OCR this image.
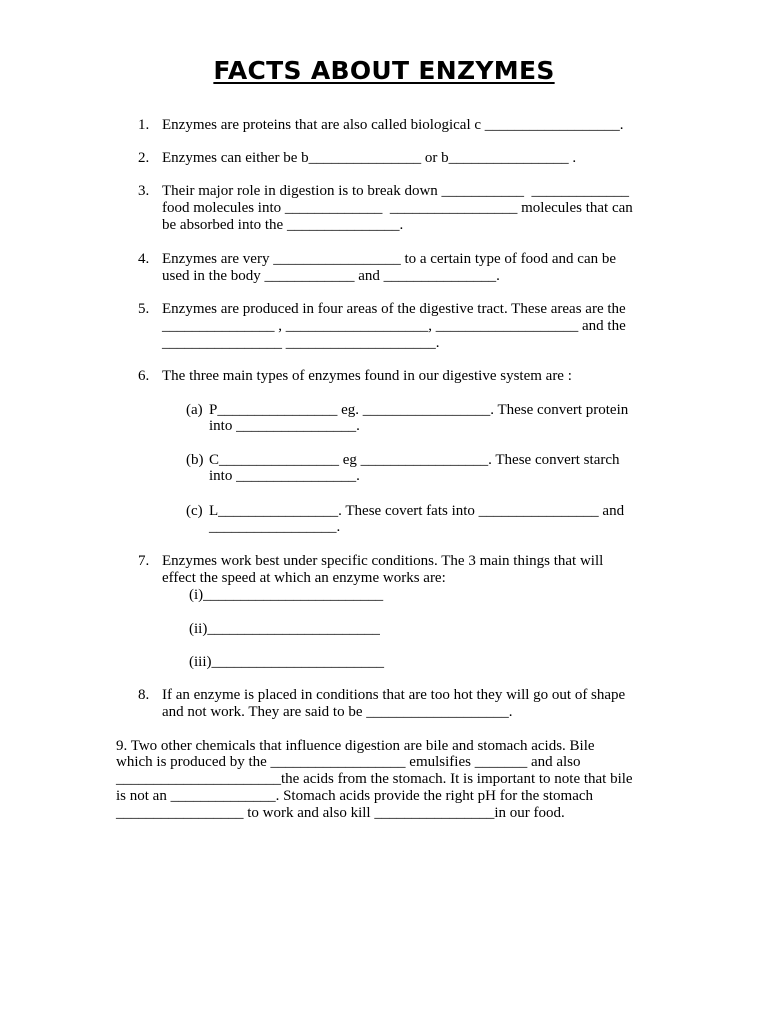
FACTS ABOUT ENZYMES
1. Enzymes are proteins that are also called biological c __________________.
2. Enzymes can either be b_______________ or b________________ .
3. Their major role in digestion is to break down ___________  _____________
food molecules into _____________  _________________ molecules that can
be absorbed into the _______________.
4. Enzymes are very _________________ to a certain type of food and can be
used in the body ____________ and _______________.
5. Enzymes are produced in four areas of the digestive tract. These areas are the
_______________ , ___________________, ___________________ and the
________________ ____________________.
6. The three main types of enzymes found in our digestive system are :
(a) P________________ eg. _________________. These convert protein
into ________________.
(b) C________________ eg _________________. These convert starch
into ________________.
(c) L________________. These covert fats into ________________ and
_________________.
7. Enzymes work best under specific conditions. The 3 main things that will
effect the speed at which an enzyme works are:
(i)________________________
(ii)_______________________
(iii)_______________________
8. If an enzyme is placed in conditions that are too hot they will go out of shape
and not work. They are said to be ___________________.
9. Two other chemicals that influence digestion are bile and stomach acids. Bile
which is produced by the __________________ emulsifies _______ and also
______________________the acids from the stomach. It is important to note that bile
is not an ______________. Stomach acids provide the right pH for the stomach
_________________ to work and also kill ________________in our food.
